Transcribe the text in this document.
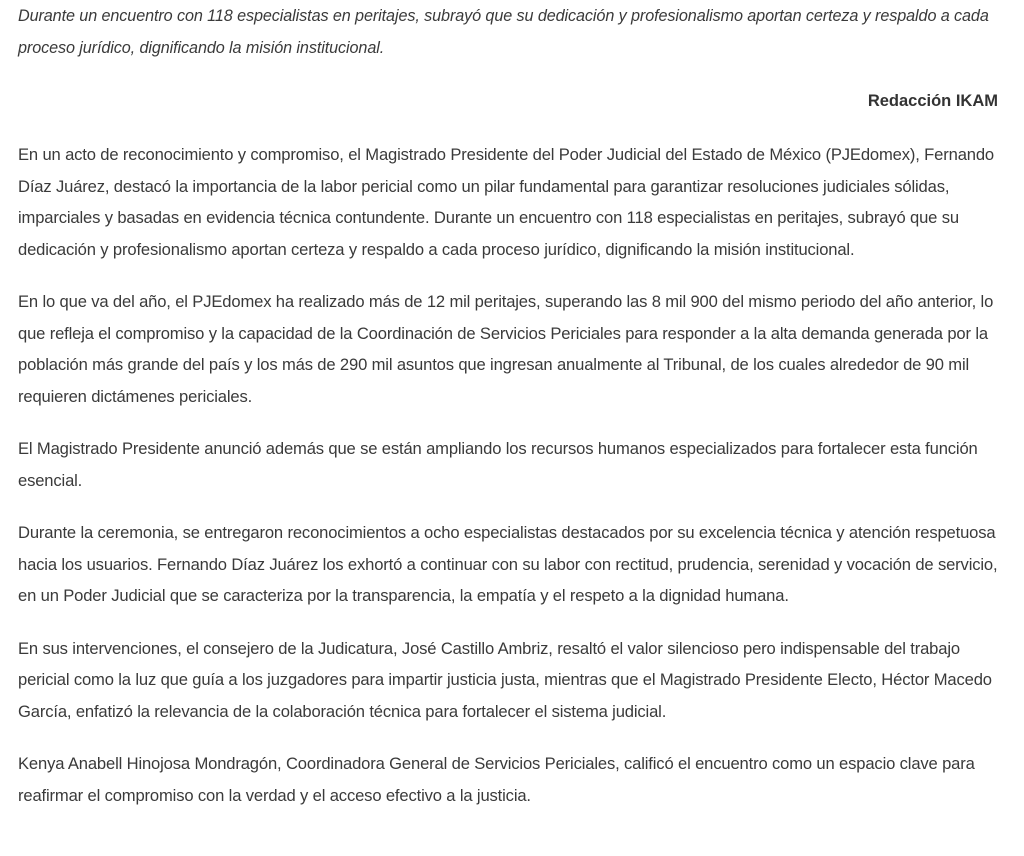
Durante un encuentro con 118 especialistas en peritajes, subrayó que su dedicación y profesionalismo aportan certeza y respaldo a cada proceso jurídico, dignificando la misión institucional.

Redacción IKAM

En un acto de reconocimiento y compromiso, el Magistrado Presidente del Poder Judicial del Estado de México (PJEdomex), Fernando Díaz Juárez, destacó la importancia de la labor pericial como un pilar fundamental para garantizar resoluciones judiciales sólidas, imparciales y basadas en evidencia técnica contundente. Durante un encuentro con 118 especialistas en peritajes, subrayó que su dedicación y profesionalismo aportan certeza y respaldo a cada proceso jurídico, dignificando la misión institucional.

En lo que va del año, el PJEdomex ha realizado más de 12 mil peritajes, superando las 8 mil 900 del mismo periodo del año anterior, lo que refleja el compromiso y la capacidad de la Coordinación de Servicios Periciales para responder a la alta demanda generada por la población más grande del país y los más de 290 mil asuntos que ingresan anualmente al Tribunal, de los cuales alrededor de 90 mil requieren dictámenes periciales.

El Magistrado Presidente anunció además que se están ampliando los recursos humanos especializados para fortalecer esta función esencial.

Durante la ceremonia, se entregaron reconocimientos a ocho especialistas destacados por su excelencia técnica y atención respetuosa hacia los usuarios. Fernando Díaz Juárez los exhortó a continuar con su labor con rectitud, prudencia, serenidad y vocación de servicio, en un Poder Judicial que se caracteriza por la transparencia, la empatía y el respeto a la dignidad humana.

En sus intervenciones, el consejero de la Judicatura, José Castillo Ambriz, resaltó el valor silencioso pero indispensable del trabajo pericial como la luz que guía a los juzgadores para impartir justicia justa, mientras que el Magistrado Presidente Electo, Héctor Macedo García, enfatizó la relevancia de la colaboración técnica para fortalecer el sistema judicial.

Kenya Anabell Hinojosa Mondragón, Coordinadora General de Servicios Periciales, calificó el encuentro como un espacio clave para reafirmar el compromiso con la verdad y el acceso efectivo a la justicia.
